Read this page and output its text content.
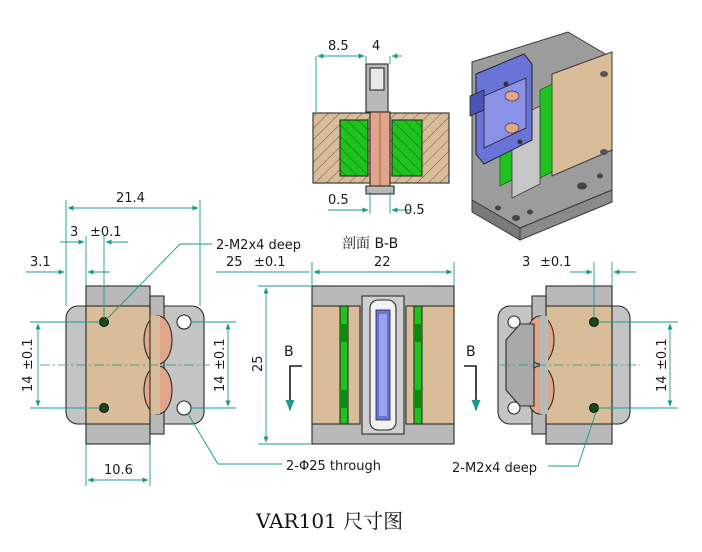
8.5 4
0.5
0.5
剖面 B-B
21.4
3 ±0.1
3.1
14
±0.1
14
±0.1
10.6
2-M2x4 deep
2-Φ25 through
22
25 ±0.1
25
B	B
3 ±0.1
14
±0.1
2-M2x4 deep
VAR101 尺寸图
